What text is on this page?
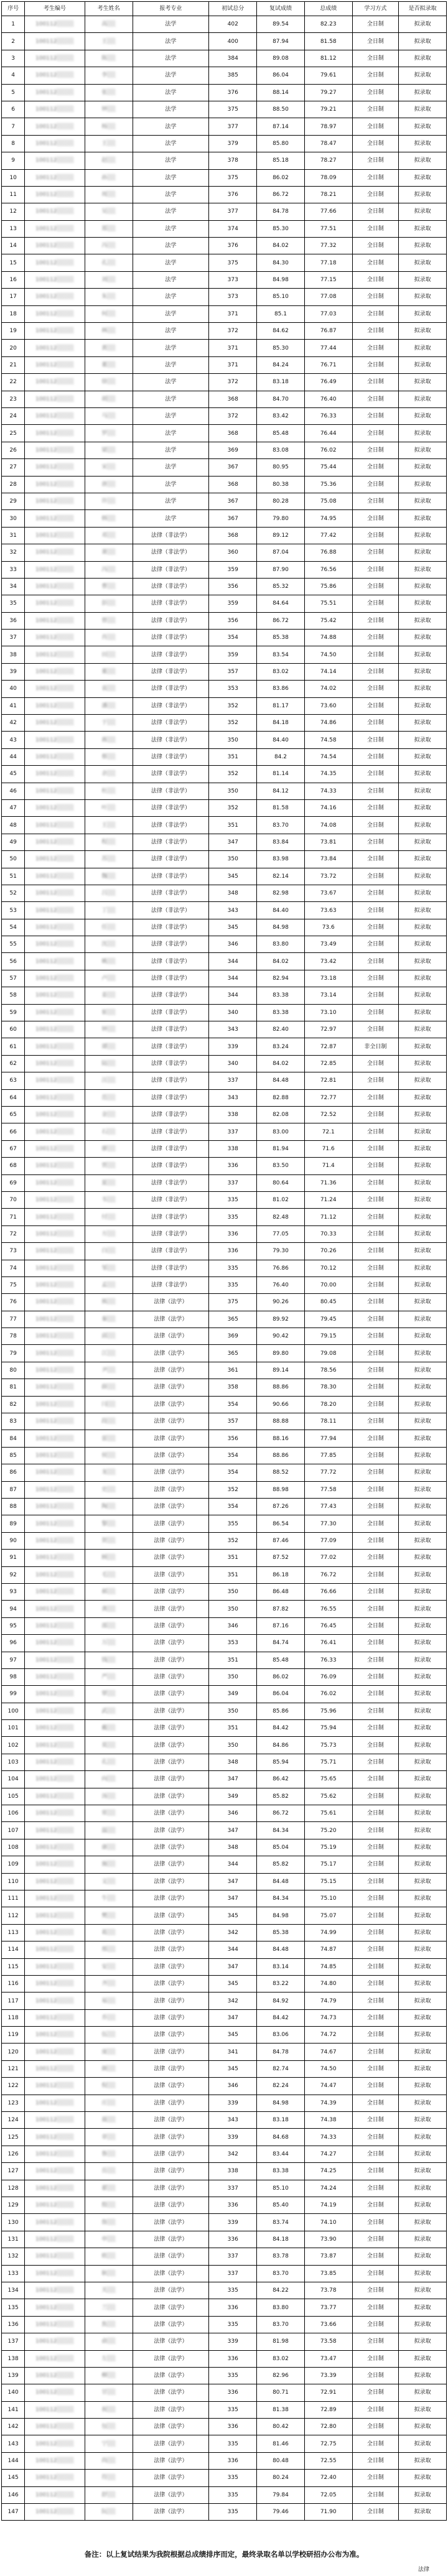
序号	考生编号	考生姓名	报考专业	初试总分	复试成绩	总成绩	学习方式	是否拟录取
1	100112░░░░	高░░	法学	402	89.54	82.23	全日制	拟录取
2	100112░░░░	王░░	法学	400	87.94	81.58	全日制	拟录取
3	100112░░░░	陈░░	法学	384	89.08	81.12	全日制	拟录取
4	100112░░░░	李░░	法学	385	86.04	79.61	全日制	拟录取
5	100112░░░░	张░░	法学	376	88.14	79.27	全日制	拟录取
6	100112░░░░	钟░░	法学	375	88.50	79.21	全日制	拟录取
7	100112░░░░	杨░░	法学	377	87.14	78.97	全日制	拟录取
8	100112░░░░	王░░	法学	379	85.80	78.47	全日制	拟录取
9	100112░░░░	赵░░	法学	378	85.18	78.27	全日制	拟录取
10	100112░░░░	孙░░	法学	375	86.02	78.09	全日制	拟录取
11	100112░░░░	周░░	法学	376	86.72	78.21	全日制	拟录取
12	100112░░░░	吴░░	法学	377	84.78	77.66	全日制	拟录取
13	100112░░░░	郑░░	法学	374	85.30	77.51	全日制	拟录取
14	100112░░░░	冯░░	法学	376	84.02	77.32	全日制	拟录取
15	100112░░░░	孔░░	法学	375	84.30	77.18	全日制	拟录取
16	100112░░░░	刘░░	法学	373	84.98	77.15	全日制	拟录取
17	100112░░░░	朱░░	法学	373	85.10	77.08	全日制	拟录取
18	100112░░░░	何░░	法学	371	85.1	77.03	全日制	拟录取
19	100112░░░░	林░░	法学	372	84.62	76.87	全日制	拟录取
20	100112░░░░	黄░░	法学	371	85.30	77.44	全日制	拟录取
21	100112░░░░	董░░	法学	371	84.24	76.71	全日制	拟录取
22	100112░░░░	徐░░	法学	372	83.18	76.49	全日制	拟录取
23	100112░░░░	胡░░	法学	368	84.70	76.40	全日制	拟录取
24	100112░░░░	马░░	法学	372	83.42	76.33	全日制	拟录取
25	100112░░░░	罗░░	法学	368	85.48	76.44	全日制	拟录取
26	100112░░░░	梁░░	法学	369	83.08	76.02	全日制	拟录取
27	100112░░░░	宋░░	法学	367	80.95	75.44	全日制	拟录取
28	100112░░░░	唐░░	法学	368	80.38	75.36	全日制	拟录取
29	100112░░░░	许░░	法学	367	80.28	75.08	全日制	拟录取
30	100112░░░░	韩░░	法学	367	79.80	74.95	全日制	拟录取
31	100112░░░░	邓░░	法律（非法学）	368	89.12	77.42	全日制	拟录取
32	100112░░░░	萧░░	法律（非法学）	360	87.04	76.88	全日制	拟录取
33	100112░░░░	冯░░	法律（非法学）	359	87.90	76.56	全日制	拟录取
34	100112░░░░	曹░░	法律（非法学）	356	85.32	75.86	全日制	拟录取
35	100112░░░░	彭░░	法律（非法学）	359	84.64	75.51	全日制	拟录取
36	100112░░░░	曾░░	法律（非法学）	356	86.72	75.42	全日制	拟录取
37	100112░░░░	肖░░	法律（非法学）	354	85.38	74.88	全日制	拟录取
38	100112░░░░	田░░	法律（非法学）	359	83.54	74.50	全日制	拟录取
39	100112░░░░	董░░	法律（非法学）	357	83.02	74.14	全日制	拟录取
40	100112░░░░	袁░░	法律（非法学）	353	83.86	74.02	全日制	拟录取
41	100112░░░░	潘░░	法律（非法学）	352	81.17	73.60	全日制	拟录取
42	100112░░░░	于░░	法律（非法学）	352	84.18	74.86	全日制	拟录取
43	100112░░░░	蒋░░	法律（非法学）	350	84.40	74.58	全日制	拟录取
44	100112░░░░	蔡░░	法律（非法学）	351	84.2	74.54	全日制	拟录取
45	100112░░░░	余░░	法律（非法学）	352	81.14	74.35	全日制	拟录取
46	100112░░░░	杜░░	法律（非法学）	350	84.12	74.33	全日制	拟录取
47	100112░░░░	叶░░	法律（非法学）	352	81.58	74.16	全日制	拟录取
48	100112░░░░	王░░	法律（非法学）	351	83.70	74.08	全日制	拟录取
49	100112░░░░	程░░	法律（非法学）	347	83.84	73.81	全日制	拟录取
50	100112░░░░	苏░░	法律（非法学）	350	83.98	73.84	全日制	拟录取
51	100112░░░░	魏░░	法律（非法学）	345	82.14	73.72	全日制	拟录取
52	100112░░░░	吕░░	法律（非法学）	348	82.98	73.67	全日制	拟录取
53	100112░░░░	丁░░	法律（非法学）	343	84.40	73.63	全日制	拟录取
54	100112░░░░	任░░	法律（非法学）	345	84.98	73.6	全日制	拟录取
55	100112░░░░	沈░░	法律（非法学）	346	83.80	73.49	全日制	拟录取
56	100112░░░░	姚░░	法律（非法学）	344	84.02	73.42	全日制	拟录取
57	100112░░░░	卢░░	法律（非法学）	344	82.94	73.18	全日制	拟录取
58	100112░░░░	姜░░	法律（非法学）	344	83.38	73.14	全日制	拟录取
59	100112░░░░	崔░░	法律（非法学）	340	83.38	73.10	全日制	拟录取
60	100112░░░░	钟░░	法律（非法学）	343	82.40	72.97	全日制	拟录取
61	100112░░░░	谭░░	法律（非法学）	339	83.24	72.87	非全日制	拟录取
62	100112░░░░	陆░░	法律（非法学）	340	84.02	72.85	全日制	拟录取
63	100112░░░░	汪░░	法律（非法学）	337	84.48	72.81	全日制	拟录取
64	100112░░░░	范░░	法律（非法学）	343	82.88	72.77	全日制	拟录取
65	100112░░░░	金░░	法律（非法学）	338	82.08	72.52	全日制	拟录取
66	100112░░░░	石░░	法律（非法学）	337	83.00	72.1	全日制	拟录取
67	100112░░░░	廖░░	法律（非法学）	338	81.94	71.6	全日制	拟录取
68	100112░░░░	贾░░	法律（非法学）	336	83.50	71.4	全日制	拟录取
69	100112░░░░	夏░░	法律（非法学）	337	80.64	71.36	全日制	拟录取
70	100112░░░░	韦░░	法律（非法学）	335	81.02	71.24	全日制	拟录取
71	100112░░░░	付░░	法律（非法学）	335	82.48	71.12	全日制	拟录取
72	100112░░░░	方░░	法律（非法学）	336	77.05	70.33	全日制	拟录取
73	100112░░░░	白░░	法律（非法学）	336	79.30	70.26	全日制	拟录取
74	100112░░░░	邹░░	法律（非法学）	335	76.86	70.12	全日制	拟录取
75	100112░░░░	孟░░	法律（非法学）	335	76.40	70.00	全日制	拟录取
76	100112░░░░	熊░░	法律（法学）	375	90.26	80.45	全日制	拟录取
77	100112░░░░	秦░░	法律（法学）	365	89.92	79.45	全日制	拟录取
78	100112░░░░	邱░░	法律（法学）	369	90.42	79.15	全日制	拟录取
79	100112░░░░	江░░	法律（法学）	365	89.80	79.08	全日制	拟录取
80	100112░░░░	尹░░	法律（法学）	361	89.14	78.56	全日制	拟录取
81	100112░░░░	薛░░	法律（法学）	358	88.86	78.30	全日制	拟录取
82	100112░░░░	闫░░	法律（法学）	354	90.66	78.20	全日制	拟录取
83	100112░░░░	段░░	法律（法学）	357	88.88	78.11	全日制	拟录取
84	100112░░░░	雷░░	法律（法学）	356	88.16	77.94	全日制	拟录取
85	100112░░░░	侯░░	法律（法学）	354	88.86	77.85	全日制	拟录取
86	100112░░░░	龙░░	法律（法学）	354	88.52	77.72	全日制	拟录取
87	100112░░░░	史░░	法律（法学）	352	88.98	77.58	全日制	拟录取
88	100112░░░░	陶░░	法律（法学）	354	87.26	77.43	全日制	拟录取
89	100112░░░░	黎░░	法律（法学）	355	86.54	77.30	全日制	拟录取
90	100112░░░░	贺░░	法律（法学）	352	87.46	77.09	全日制	拟录取
91	100112░░░░	顾░░	法律（法学）	351	87.52	77.02	全日制	拟录取
92	100112░░░░	毛░░	法律（法学）	351	86.18	76.72	全日制	拟录取
93	100112░░░░	郝░░	法律（法学）	350	86.48	76.66	全日制	拟录取
94	100112░░░░	龚░░	法律（法学）	350	87.82	76.55	全日制	拟录取
95	100112░░░░	邵░░	法律（法学）	346	87.16	76.45	全日制	拟录取
96	100112░░░░	万░░	法律（法学）	353	84.74	76.41	全日制	拟录取
97	100112░░░░	钱░░	法律（法学）	351	85.48	76.33	全日制	拟录取
98	100112░░░░	严░░	法律（法学）	350	86.02	76.09	全日制	拟录取
99	100112░░░░	覃░░	法律（法学）	349	86.04	76.02	全日制	拟录取
100	100112░░░░	武░░	法律（法学）	350	85.86	75.96	全日制	拟录取
101	100112░░░░	戴░░	法律（法学）	351	84.42	75.94	全日制	拟录取
102	100112░░░░	莫░░	法律（法学）	350	84.86	75.73	全日制	拟录取
103	100112░░░░	孔░░	法律（法学）	348	85.94	75.71	全日制	拟录取
104	100112░░░░	向░░	法律（法学）	347	86.42	75.65	全日制	拟录取
105	100112░░░░	汤░░	法律（法学）	349	85.82	75.62	全日制	拟录取
106	100112░░░░	常░░	法律（法学）	346	86.72	75.61	全日制	拟录取
107	100112░░░░	温░░	法律（法学）	347	84.34	75.20	全日制	拟录取
108	100112░░░░	康░░	法律（法学）	348	85.04	75.19	全日制	拟录取
109	100112░░░░	施░░	法律（法学）	344	85.82	75.17	全日制	拟录取
110	100112░░░░	文░░	法律（法学）	347	84.48	75.15	全日制	拟录取
111	100112░░░░	牛░░	法律（法学）	347	84.34	75.10	全日制	拟录取
112	100112░░░░	樊░░	法律（法学）	345	84.98	75.07	全日制	拟录取
113	100112░░░░	葛░░	法律（法学）	342	85.38	74.99	全日制	拟录取
114	100112░░░░	邢░░	法律（法学）	344	84.48	74.87	全日制	拟录取
115	100112░░░░	安░░	法律（法学）	347	83.14	74.85	全日制	拟录取
116	100112░░░░	齐░░	法律（法学）	345	83.22	74.80	全日制	拟录取
117	100112░░░░	易░░	法律（法学）	342	84.92	74.79	全日制	拟录取
118	100112░░░░	乔░░	法律（法学）	347	84.42	74.73	全日制	拟录取
119	100112░░░░	伍░░	法律（法学）	345	83.06	74.72	全日制	拟录取
120	100112░░░░	庞░░	法律（法学）	341	84.78	74.67	全日制	拟录取
121	100112░░░░	颜░░	法律（法学）	345	82.74	74.50	全日制	拟录取
122	100112░░░░	倪░░	法律（法学）	346	82.24	74.47	全日制	拟录取
123	100112░░░░	庄░░	法律（法学）	339	84.98	74.39	全日制	拟录取
124	100112░░░░	聂░░	法律（法学）	343	83.18	74.38	全日制	拟录取
125	100112░░░░	章░░	法律（法学）	339	84.68	74.33	全日制	拟录取
126	100112░░░░	鲁░░	法律（法学）	342	83.44	74.27	全日制	拟录取
127	100112░░░░	岳░░	法律（法学）	338	83.38	74.25	全日制	拟录取
128	100112░░░░	翟░░	法律（法学）	337	85.10	74.24	全日制	拟录取
129	100112░░░░	殷░░	法律（法学）	336	85.40	74.19	全日制	拟录取
130	100112░░░░	詹░░	法律（法学）	339	83.74	74.10	全日制	拟录取
131	100112░░░░	申░░	法律（法学）	336	84.18	73.90	全日制	拟录取
132	100112░░░░	欧░░	法律（法学）	337	83.78	73.87	全日制	拟录取
133	100112░░░░	耿░░	法律（法学）	337	83.70	73.85	全日制	拟录取
134	100112░░░░	关░░	法律（法学）	335	84.22	73.78	全日制	拟录取
135	100112░░░░	兰░░	法律（法学）	336	83.80	73.77	全日制	拟录取
136	100112░░░░	焦░░	法律（法学）	335	83.70	73.66	全日制	拟录取
137	100112░░░░	俞░░	法律（法学）	339	81.98	73.58	全日制	拟录取
138	100112░░░░	左░░	法律（法学）	336	83.02	73.47	全日制	拟录取
139	100112░░░░	柳░░	法律（法学）	335	82.96	73.39	全日制	拟录取
140	100112░░░░	甘░░	法律（法学）	336	80.71	72.91	全日制	拟录取
141	100112░░░░	祝░░	法律（法学）	335	81.38	72.89	全日制	拟录取
142	100112░░░░	包░░	法律（法学）	336	80.42	72.80	全日制	拟录取
143	100112░░░░	宁░░	法律（法学）	335	81.46	72.75	全日制	拟录取
144	100112░░░░	尚░░	法律（法学）	336	80.48	72.55	全日制	拟录取
145	100112░░░░	符░░	法律（法学）	335	80.24	72.40	全日制	拟录取
146	100112░░░░	舒░░	法律（法学）	335	79.84	72.05	全日制	拟录取
147	100112░░░░	阮░░	法律（法学）	335	79.46	71.90	全日制	拟录取
备注：以上复试结果为我院根据总成绩排序而定，最终录取名单以学校研招办公布为准。
法律
